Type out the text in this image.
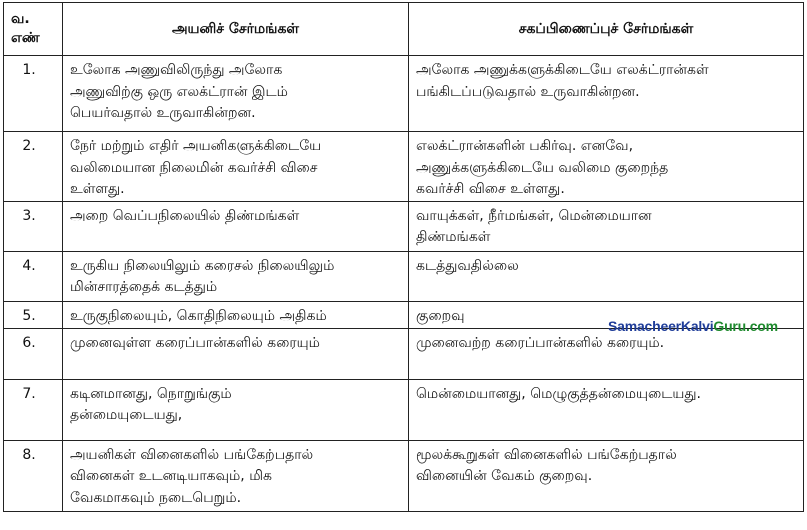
வ.
எண்	அயனிச் சேர்மங்கள்	சகப்பிணைப்புச் சேர்மங்கள்
1.	உலோக அணுவிலிருந்து அலோக
அணுவிற்கு ஒரு எலக்ட்ரான் இடம்
பெயர்வதால் உருவாகின்றன.	அலோக அணுக்களுக்கிடையே எலக்ட்ரான்கள்
பங்கிடப்படுவதால் உருவாகின்றன.

2.	நேர் மற்றும் எதிர் அயனிகளுக்கிடையே
வலிமையான நிலைமின் கவர்ச்சி விசை
உள்ளது.	எலக்ட்ரான்களின் பகிர்வு. எனவே,
அணுக்களுக்கிடையே வலிமை குறைந்த
கவர்ச்சி விசை உள்ளது.

3.	அறை வெப்பநிலையில் திண்மங்கள்	வாயுக்கள், நீர்மங்கள், மென்மையான
திண்மங்கள்

4.	உருகிய நிலையிலும் கரைசல் நிலையிலும்
மின்சாரத்தைக் கடத்தும்	கடத்துவதில்லை

5.	உருகுநிலையும், கொதிநிலையும் அதிகம்	குறைவு

6.	முனைவுள்ள கரைப்பான்களில் கரையும்	முனைவற்ற கரைப்பான்களில் கரையும்.

7.	கடினமானது, நொறுங்கும்
தன்மையுடையது,	மென்மையானது, மெழுகுத்தன்மையுடையது.

8.	அயனிகள் வினைகளில் பங்கேற்பதால்
வினைகள் உடனடியாகவும், மிக
வேகமாகவும் நடைபெறும்.	மூலக்கூறுகள் வினைகளில் பங்கேற்பதால்
வினையின் வேகம் குறைவு.
SamacheerKalviGuru.com
